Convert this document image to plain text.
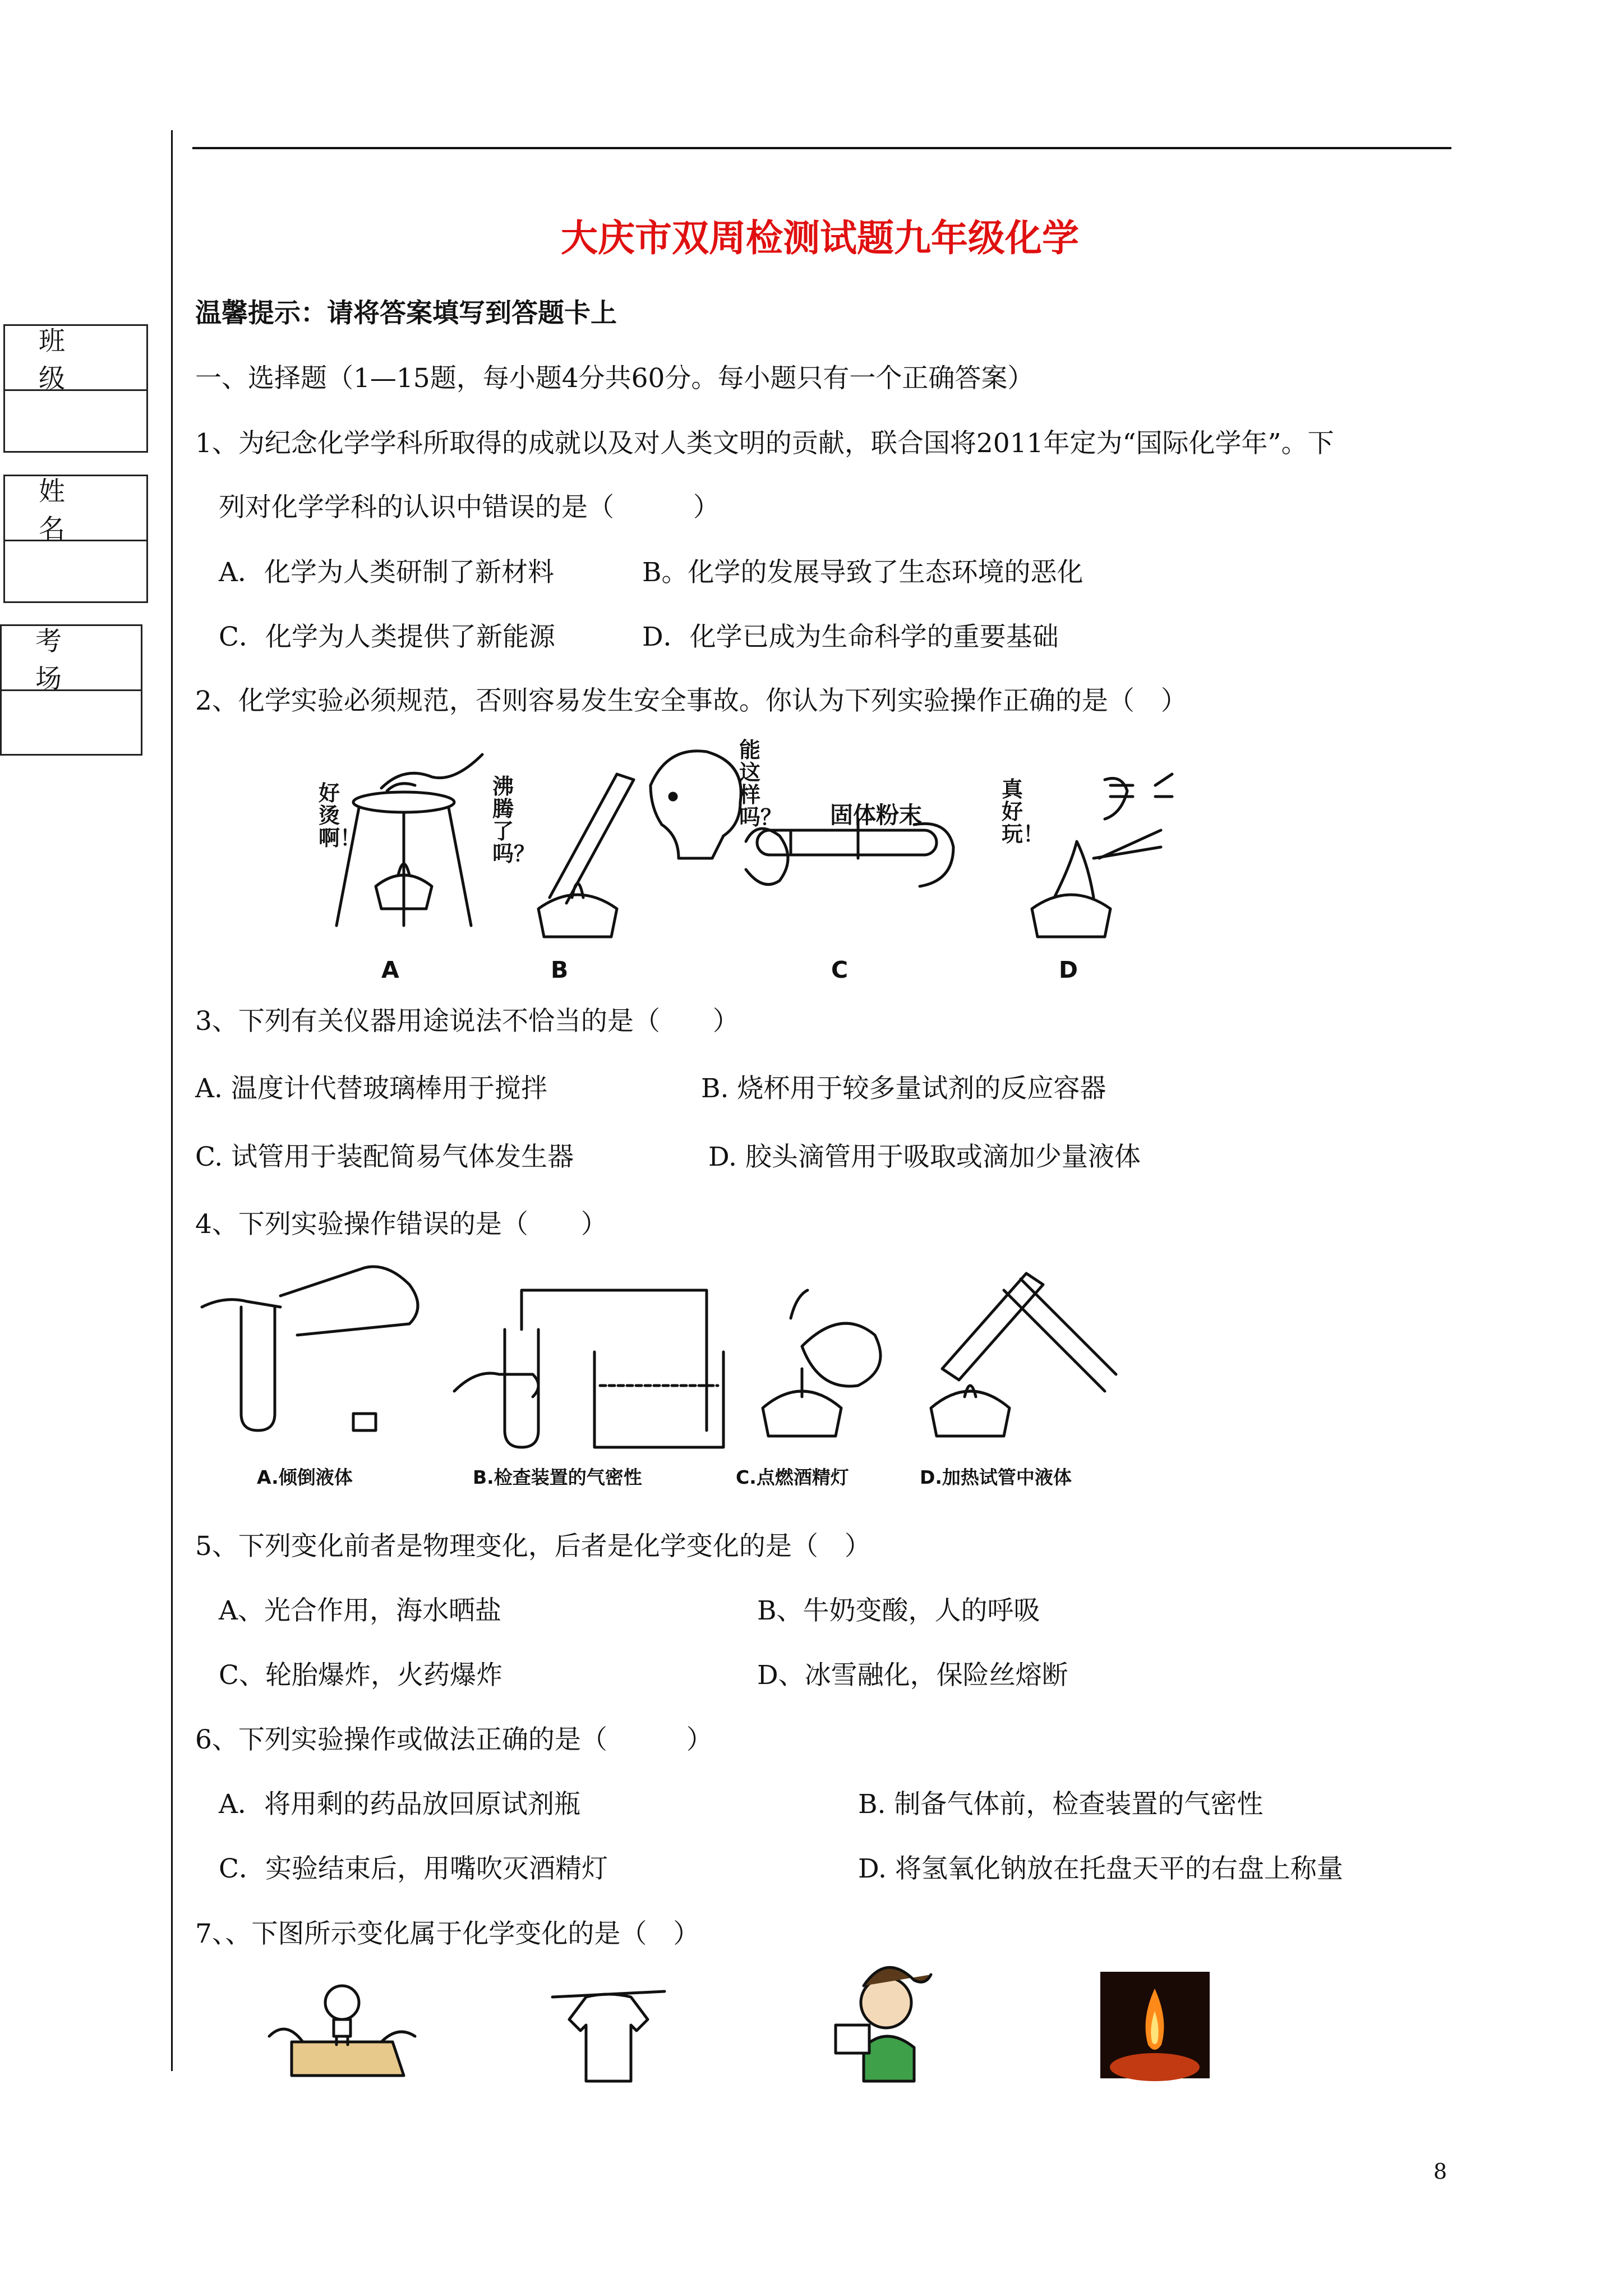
班级
姓名
考场
大庆市双周检测试题九年级化学
温馨提示：请将答案填写到答题卡上
一、选择题（1—15题，每小题4分共60分。每小题只有一个正确答案）
1、为纪念化学学科所取得的成就以及对人类文明的贡献，联合国将2011年定为“国际化学年”。下
列对化学学科的认识中错误的是（　　　）
A．化学为人类研制了新材料	B。化学的发展导致了生态环境的恶化
C．化学为人类提供了新能源	D．化学已成为生命科学的重要基础
2、化学实验必须规范，否则容易发生安全事故。你认为下列实验操作正确的是（　）
好烫啊！
沸腾了吗？
能这样吗？ 固体粉末
真好玩！
A	B	C	D
3、下列有关仪器用途说法不恰当的是（　　）
A. 温度计代替玻璃棒用于搅拌	B. 烧杯用于较多量试剂的反应容器
C. 试管用于装配简易气体发生器	D. 胶头滴管用于吸取或滴加少量液体
4、下列实验操作错误的是（　　）
A.倾倒液体	B.检查装置的气密性	C.点燃酒精灯	D.加热试管中液体
5、下列变化前者是物理变化，后者是化学变化的是（　）
A、光合作用，海水晒盐	B、牛奶变酸，人的呼吸
C、轮胎爆炸，火药爆炸	D、冰雪融化，保险丝熔断
6、下列实验操作或做法正确的是（　　　）
A．将用剩的药品放回原试剂瓶	B. 制备气体前，检查装置的气密性
C．实验结束后，用嘴吹灭酒精灯	D. 将氢氧化钠放在托盘天平的右盘上称量
7、、下图所示变化属于化学变化的是（　）
8
